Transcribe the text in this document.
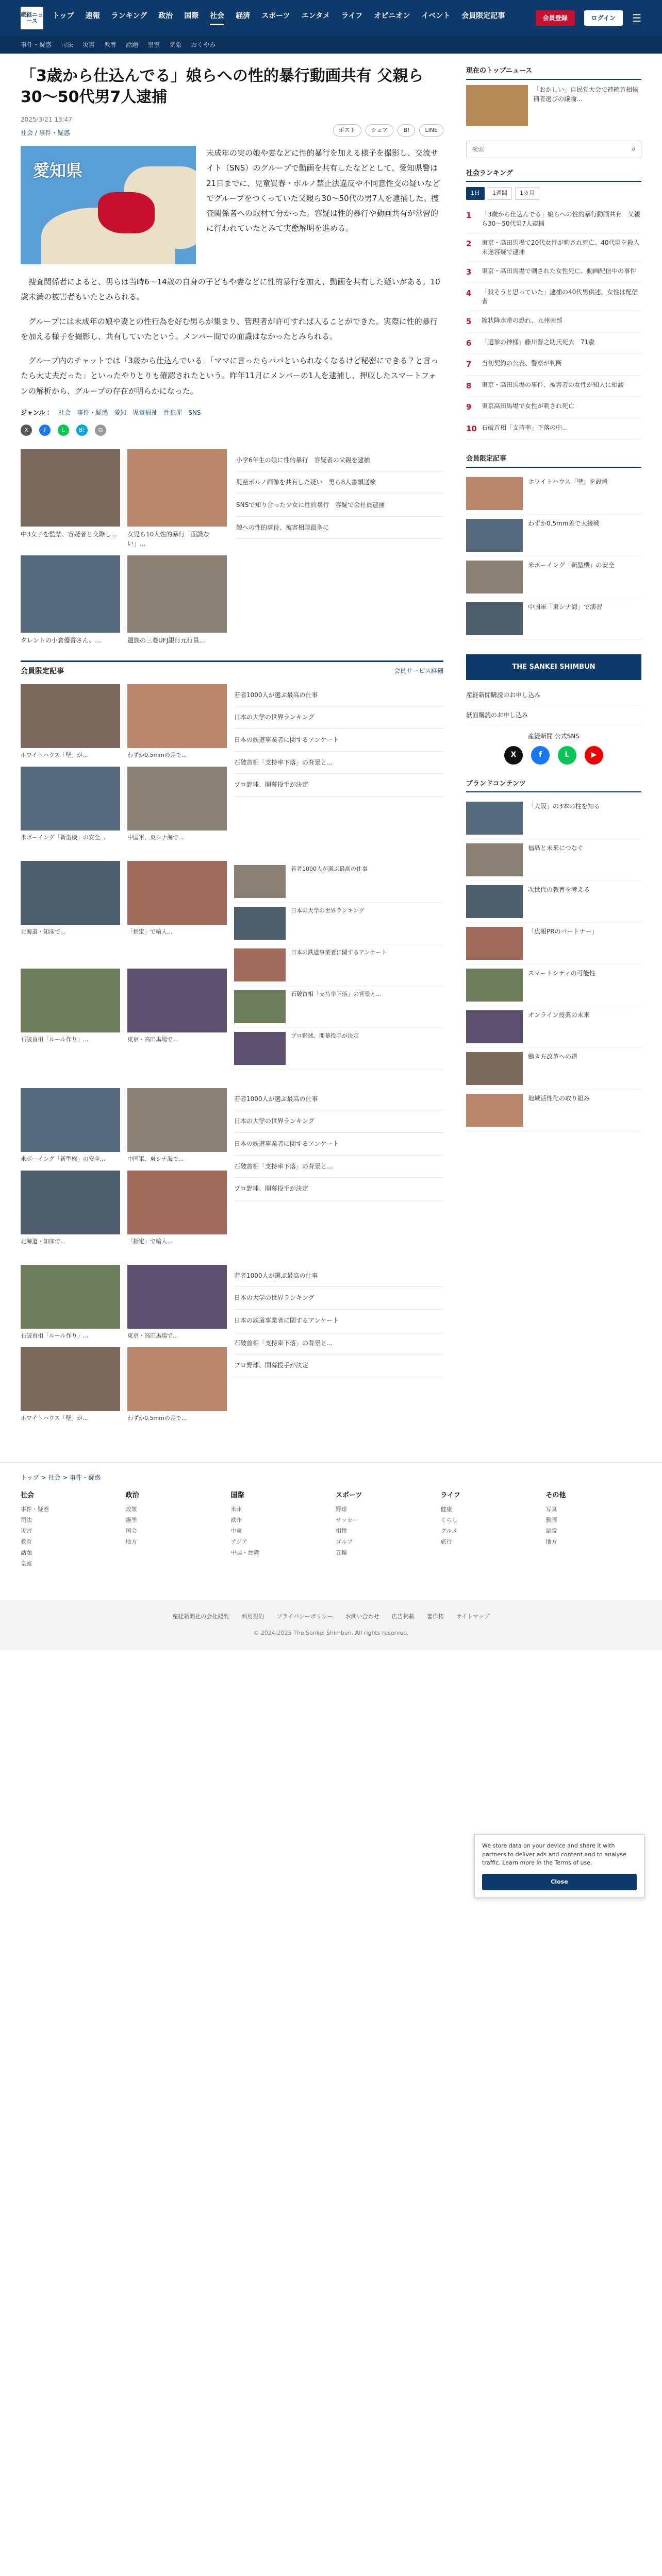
産経ニュース
トップ 速報 ランキング 政治 国際 社会 経済 スポーツ エンタメ ライフ オピニオン イベント 会員限定記事	会員登録	ログイン	☰
事件・疑惑 司法 災害 教育 話題 皇室 気象 おくやみ
「3歳から仕込んでる」娘らへの性的暴行動画共有 父親ら30〜50代男7人逮捕
2025/3/21 13:47
社会 / 事件・疑惑	ポスト	シェア	B!	LINE
愛知県

未成年の実の娘や妻などに性的暴行を加える様子を撮影し、交流サイト（SNS）のグループで動画を共有したなどとして、愛知県警は21日までに、児童買春・ポルノ禁止法違反や不同意性交の疑いなどでグループをつくっていた父親ら30〜50代の男7人を逮捕した。捜査関係者への取材で分かった。容疑は性的暴行や動画共有が常習的に行われていたとみて実態解明を進める。

捜査関係者によると、男らは当時6〜14歳の自身の子どもや妻などに性的暴行を加え、動画を共有した疑いがある。10歳未満の被害者もいたとみられる。

グループには未成年の娘や妻との性行為を好む男らが集まり、管理者が許可すれば入ることができた。実際に性的暴行を加える様子を撮影し、共有していたという。メンバー間での面識はなかったとみられる。

グループ内のチャットでは「3歳から仕込んでいる」「ママに言ったらパパといられなくなるけど秘密にできる？と言ったら大丈夫だった」といったやりとりも確認されたという。昨年11月にメンバーの1人を逮捕し、押収したスマートフォンの解析から、グループの存在が明らかになった。

ジャンル： 社会 事件・疑惑 愛知 児童福祉 性犯罪 SNS
X	f	L	B!	⧉
中3女子を監禁、容疑者と交際し...	女児ら10人性的暴行「面識ない」...
タレントの小倉優香さん、...	遺族の三菱UFJ銀行元行員...
小学6年生の娘に性的暴行　容疑者の父親を逮捕
児童ポルノ画像を共有した疑い　男ら8人書類送検
SNSで知り合った少女に性的暴行　容疑で会社員逮捕
娘への性的虐待、被害相談最多に
会員限定記事	会員サービス詳細
ホワイトハウス「壁」が...	わずか0.5mmの差で...
米ボーイング「新型機」の安全...	中国軍、東シナ海で...
若者1000人が選ぶ最高の仕事
日本の大学の世界ランキング
日本の鉄道事業者に関するアンケート
石破首相「支持率下落」の背景と...
プロ野球、開幕投手が決定
北海道・知床で...	「指定」で輸入...
石破首相「ルール作り」...	東京・高田馬場で...
若者1000人が選ぶ最高の仕事
日本の大学の世界ランキング
日本の鉄道事業者に関するアンケート
石破首相「支持率下落」の背景と...
プロ野球、開幕投手が決定
米ボーイング「新型機」の安全...	中国軍、東シナ海で...
北海道・知床で...	「指定」で輸入...
若者1000人が選ぶ最高の仕事
日本の大学の世界ランキング
日本の鉄道事業者に関するアンケート
石破首相「支持率下落」の背景と...
プロ野球、開幕投手が決定
石破首相「ルール作り」...	東京・高田馬場で...
ホワイトハウス「壁」が...	わずか0.5mmの差で...
若者1000人が選ぶ最高の仕事
日本の大学の世界ランキング
日本の鉄道事業者に関するアンケート
石破首相「支持率下落」の背景と...
プロ野球、開幕投手が決定
現在のトップニュース
「おかしい」自民党大会で連続首相候補者選びの議論...
検索
⌕
社会ランキング
1日	1週間	1カ月
1	「3歳から仕込んでる」娘らへの性的暴行動画共有　父親ら30〜50代男7人逮捕
2	東京・高田馬場で20代女性が刺され死亡、40代男を殺人未遂容疑で逮捕
3	東京・高田馬場で刺された女性死亡、動画配信中の事件
4	「殺そうと思っていた」逮捕の40代男供述、女性は配信者
5	線状降水帯の恐れ、九州南部
6	「選挙の神様」藤川晋之助氏死去　71歳
7	当初契約の公表、警察が判断
8	東京・高田馬場の事件、被害者の女性が知人に相談
9	東京高田馬場で女性が刺され死亡
10 石破首相「支持率」下落の中...
会員限定記事
ホワイトハウス「壁」を設置
わずか0.5mm差で大接戦
米ボーイング「新型機」の安全
中国軍「東シナ海」で演習
THE SANKEI SHIMBUN
産経新聞購読のお申し込み
紙面購読のお申し込み
産経新聞 公式SNS
X	f	L	▶
ブランドコンテンツ
「大阪」の3本の柱を知る
福島と未来につなぐ
次世代の教育を考える
「広報PRのパートナー」
スマートシティの可能性
オンライン授業の未来
働き方改革への道
地域活性化の取り組み
トップ > 社会 > 事件・疑惑
社会
事件・疑惑
司法
災害
教育
話題
皇室
政治
政策
選挙
国会
地方
国際
米州
欧州
中東
アジア
中国・台湾
スポーツ
野球
サッカー
相撲
ゴルフ
五輪
ライフ
健康
くらし
グルメ
旅行
その他
写真
動画
論説
地方
産経新聞社の会社概要 利用規約 プライバシーポリシー お問い合わせ 広告掲載 著作権 サイトマップ
© 2024-2025 The Sankei Shimbun. All rights reserved.

We store data on your device and share it with partners to deliver ads and content and to analyse traffic. Learn more in the Terms of use.

Close
